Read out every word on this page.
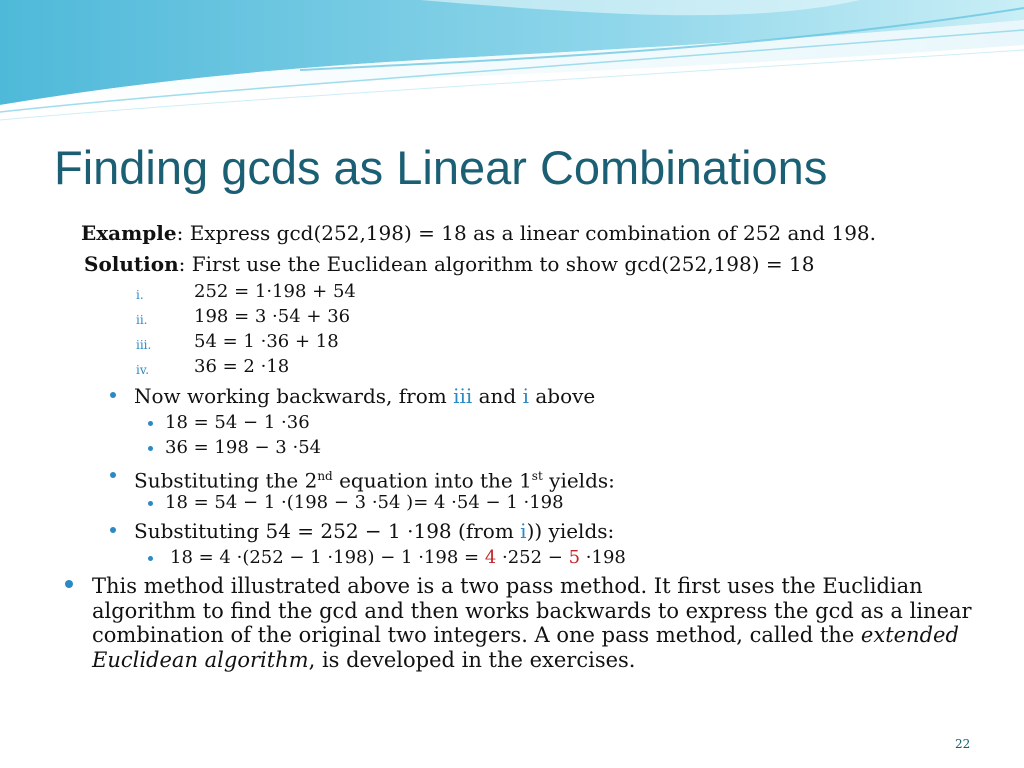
Finding gcds as Linear Combinations
Example: Express gcd(252,198) = 18 as a linear combination of 252 and 198.
Solution: First use the Euclidean algorithm to show gcd(252,198) = 18
i.	252 = 1·198 + 54
ii.	198 = 3 ·54 + 36
iii. 54 = 1 ·36 + 18
iv. 36 = 2 ·18
Now working backwards, from iii and i above
18 = 54 − 1 ·36
36 = 198 − 3 ·54
Substituting the 2nd equation into the 1st yields:
18 = 54 − 1 ·(198 − 3 ·54 )= 4 ·54 − 1 ·198
Substituting 54 = 252 − 1 ·198 (from i)) yields:
18 = 4 ·(252 − 1 ·198) − 1 ·198 = 4 ·252 − 5 ·198
This method illustrated above is a two pass method. It first uses the Euclidian algorithm to find the gcd and then works backwards to express the gcd as a linear combination of the original two integers. A one pass method, called the extended Euclidean algorithm, is developed in the exercises.
22
